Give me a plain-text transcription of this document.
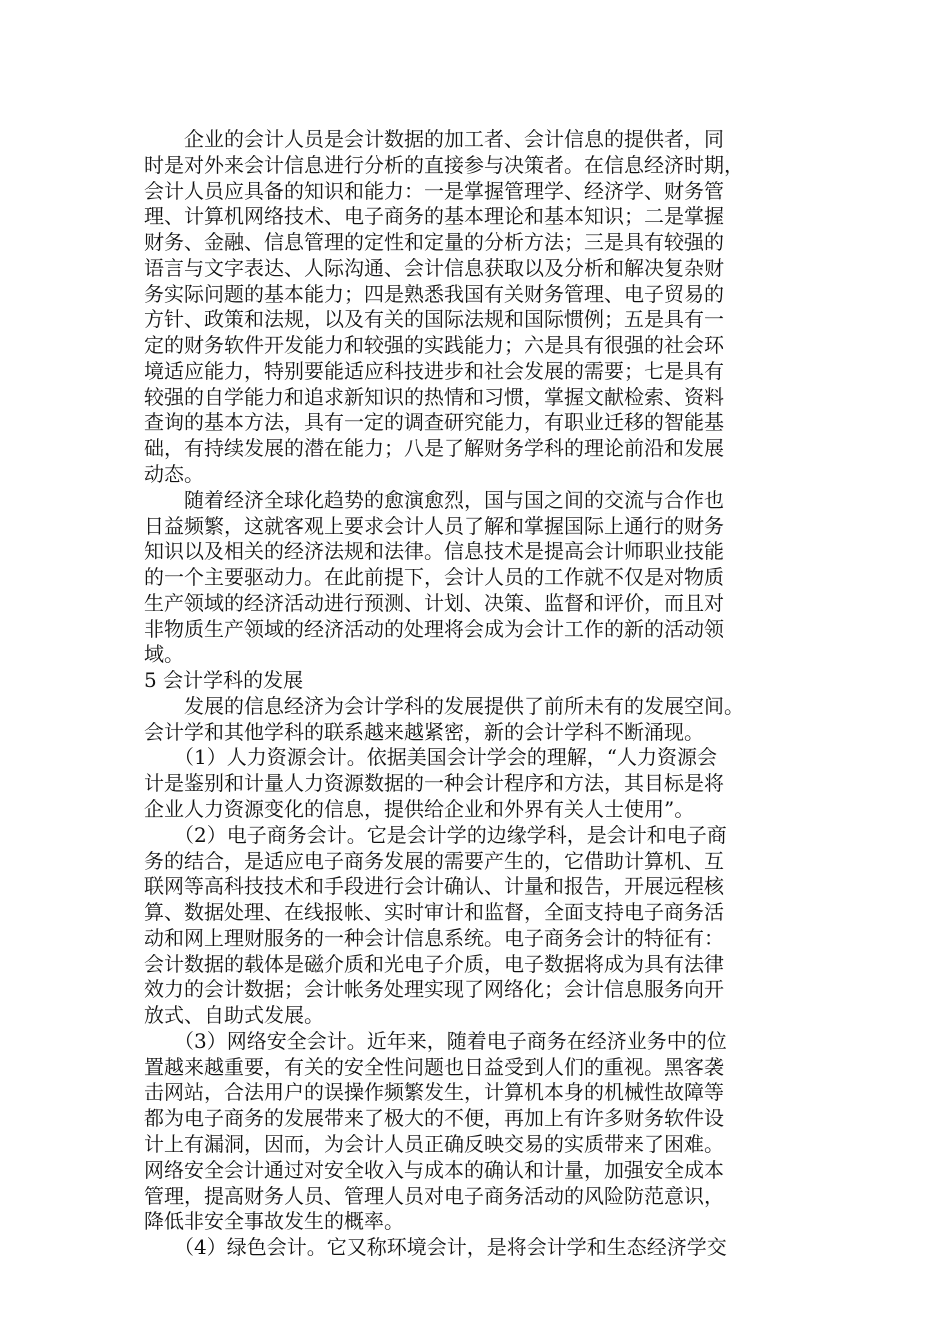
　　企业的会计人员是会计数据的加工者、会计信息的提供者，同
时是对外来会计信息进行分析的直接参与决策者。在信息经济时期，
会计人员应具备的知识和能力：一是掌握管理学、经济学、财务管
理、计算机网络技术、电子商务的基本理论和基本知识；二是掌握
财务、金融、信息管理的定性和定量的分析方法；三是具有较强的
语言与文字表达、人际沟通、会计信息获取以及分析和解决复杂财
务实际问题的基本能力；四是熟悉我国有关财务管理、电子贸易的
方针、政策和法规，以及有关的国际法规和国际惯例；五是具有一
定的财务软件开发能力和较强的实践能力；六是具有很强的社会环
境适应能力，特别要能适应科技进步和社会发展的需要；七是具有
较强的自学能力和追求新知识的热情和习惯，掌握文献检索、资料
查询的基本方法，具有一定的调查研究能力，有职业迁移的智能基
础，有持续发展的潜在能力；八是了解财务学科的理论前沿和发展
动态。
　　随着经济全球化趋势的愈演愈烈，国与国之间的交流与合作也
日益频繁，这就客观上要求会计人员了解和掌握国际上通行的财务
知识以及相关的经济法规和法律。信息技术是提高会计师职业技能
的一个主要驱动力。在此前提下，会计人员的工作就不仅是对物质
生产领域的经济活动进行预测、计划、决策、监督和评价，而且对
非物质生产领域的经济活动的处理将会成为会计工作的新的活动领
域。
5 会计学科的发展
　　发展的信息经济为会计学科的发展提供了前所未有的发展空间。
会计学和其他学科的联系越来越紧密，新的会计学科不断涌现。
　　（1）人力资源会计。依据美国会计学会的理解，“人力资源会
计是鉴别和计量人力资源数据的一种会计程序和方法，其目标是将
企业人力资源变化的信息，提供给企业和外界有关人士使用”。
　　（2）电子商务会计。它是会计学的边缘学科，是会计和电子商
务的结合，是适应电子商务发展的需要产生的，它借助计算机、互
联网等高科技技术和手段进行会计确认、计量和报告，开展远程核
算、数据处理、在线报帐、实时审计和监督，全面支持电子商务活
动和网上理财服务的一种会计信息系统。电子商务会计的特征有：
会计数据的载体是磁介质和光电子介质，电子数据将成为具有法律
效力的会计数据；会计帐务处理实现了网络化；会计信息服务向开
放式、自助式发展。
　　（3）网络安全会计。近年来，随着电子商务在经济业务中的位
置越来越重要，有关的安全性问题也日益受到人们的重视。黑客袭
击网站，合法用户的误操作频繁发生，计算机本身的机械性故障等
都为电子商务的发展带来了极大的不便，再加上有许多财务软件设
计上有漏洞，因而，为会计人员正确反映交易的实质带来了困难。
网络安全会计通过对安全收入与成本的确认和计量，加强安全成本
管理，提高财务人员、管理人员对电子商务活动的风险防范意识，
降低非安全事故发生的概率。
　　（4）绿色会计。它又称环境会计，是将会计学和生态经济学交
